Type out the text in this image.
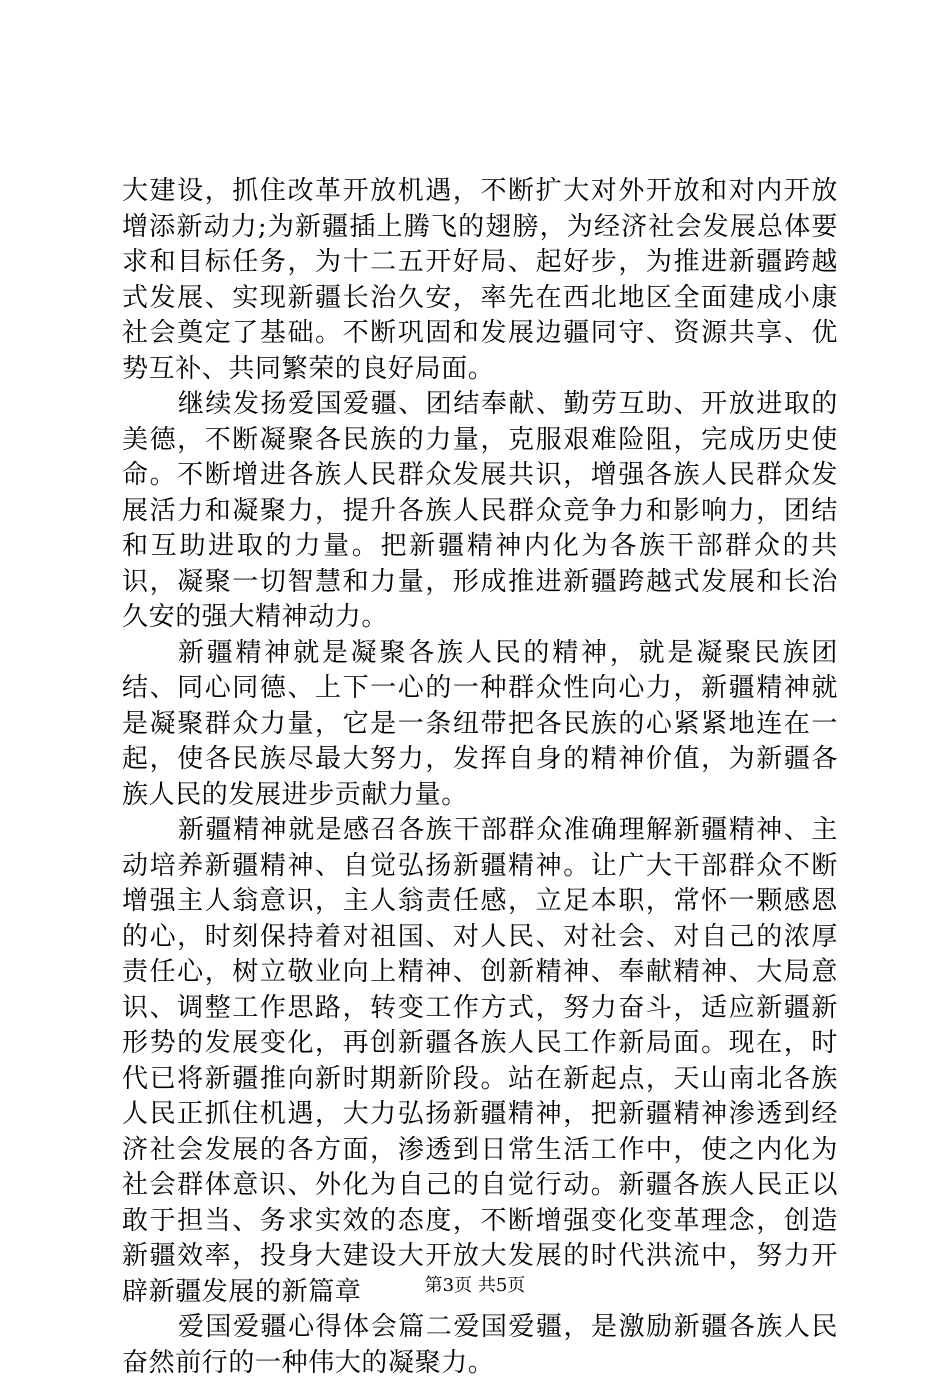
大建设，抓住改革开放机遇，不断扩大对外开放和对内开放增添新动力;为新疆插上腾飞的翅膀，为经济社会发展总体要求和目标任务，为十二五开好局、起好步，为推进新疆跨越式发展、实现新疆长治久安，率先在西北地区全面建成小康社会奠定了基础。不断巩固和发展边疆同守、资源共享、优势互补、共同繁荣的良好局面。

继续发扬爱国爱疆、团结奉献、勤劳互助、开放进取的美德，不断凝聚各民族的力量，克服艰难险阻，完成历史使命。不断增进各族人民群众发展共识，增强各族人民群众发展活力和凝聚力，提升各族人民群众竞争力和影响力，团结和互助进取的力量。把新疆精神内化为各族干部群众的共识，凝聚一切智慧和力量，形成推进新疆跨越式发展和长治久安的强大精神动力。

新疆精神就是凝聚各族人民的精神，就是凝聚民族团结、同心同德、上下一心的一种群众性向心力，新疆精神就是凝聚群众力量，它是一条纽带把各民族的心紧紧地连在一起，使各民族尽最大努力，发挥自身的精神价值，为新疆各族人民的发展进步贡献力量。

新疆精神就是感召各族干部群众准确理解新疆精神、主动培养新疆精神、自觉弘扬新疆精神。让广大干部群众不断增强主人翁意识，主人翁责任感，立足本职，常怀一颗感恩的心，时刻保持着对祖国、对人民、对社会、对自己的浓厚责任心，树立敬业向上精神、创新精神、奉献精神、大局意识、调整工作思路，转变工作方式，努力奋斗，适应新疆新形势的发展变化，再创新疆各族人民工作新局面。现在，时代已将新疆推向新时期新阶段。站在新起点，天山南北各族人民正抓住机遇，大力弘扬新疆精神，把新疆精神渗透到经济社会发展的各方面，渗透到日常生活工作中，使之内化为社会群体意识、外化为自己的自觉行动。新疆各族人民正以敢于担当、务求实效的态度，不断增强变化变革理念，创造新疆效率，投身大建设大开放大发展的时代洪流中，努力开辟新疆发展的新篇章

爱国爱疆心得体会篇二爱国爱疆，是激励新疆各族人民奋然前行的一种伟大的凝聚力。

第3页 共5页
